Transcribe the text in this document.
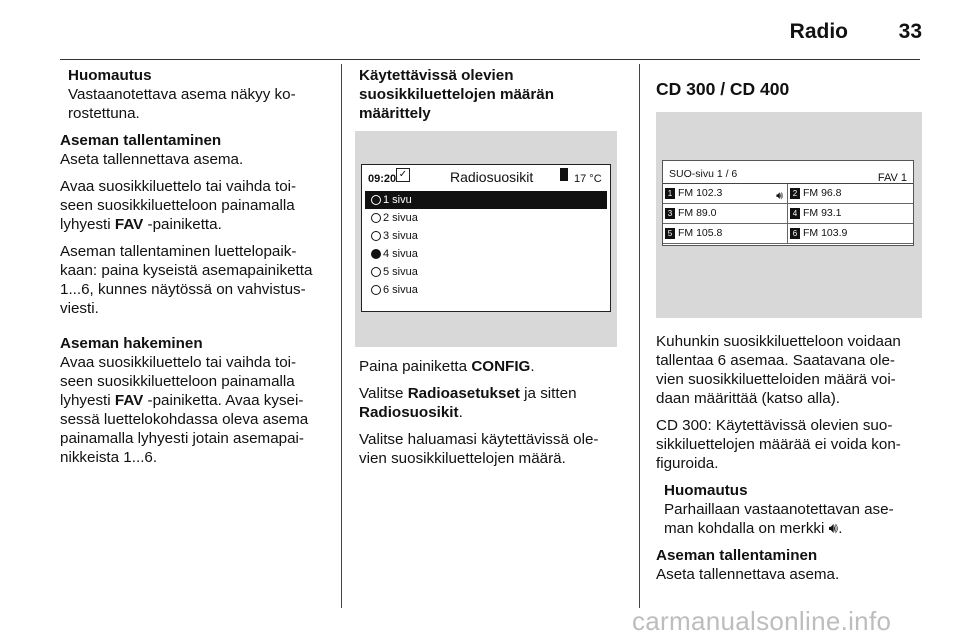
Radio	33
Huomautus
Vastaanotettava asema näkyy ko-rostettuna.
Aseman tallentaminen

Aseta tallennettava asema.

Avaa suosikkiluettelo tai vaihda toi-seen suosikkiluetteloon painamalla lyhyesti FAV -painiketta.

Aseman tallentaminen luettelopaik-kaan: paina kyseistä asemapainiketta 1...6, kunnes näytössä on vahvistus-viesti.

Aseman hakeminen

Avaa suosikkiluettelo tai vaihda toi-seen suosikkiluetteloon painamalla lyhyesti FAV -painiketta. Avaa kysei-sessä luettelokohdassa oleva asema painamalla lyhyesti jotain asemapai-nikkeista 1...6.

Käytettävissä olevien
suosikkiluettelojen määrän määrittely
09:20 ✓	Radiosuosikit	17 °C
1 sivu
2 sivua
3 sivua
4 sivua
5 sivua
6 sivua

Paina painiketta CONFIG.

Valitse Radioasetukset ja sitten Radiosuosikit.

Valitse haluamasi käytettävissä ole-vien suosikkiluettelojen määrä.

CD 300 / CD 400
SUO-sivu 1 / 6	FAV 1
1 FM 102.3	🔊︎	2 FM 96.8
3 FM 89.0	4 FM 93.1
5 FM 105.8	6 FM 103.9

Kuhunkin suosikkiluetteloon voidaan tallentaa 6 asemaa. Saatavana ole-vien suosikkiluetteloiden määrä voi-daan määrittää (katso alla).

CD 300: Käytettävissä olevien suo-sikkiluettelojen määrää ei voida kon-figuroida.

Huomautus
Parhaillaan vastaanotettavan ase-man kohdalla on merkki 🔊︎.
Aseman tallentaminen

Aseta tallennettava asema.

carmanualsonline.info
